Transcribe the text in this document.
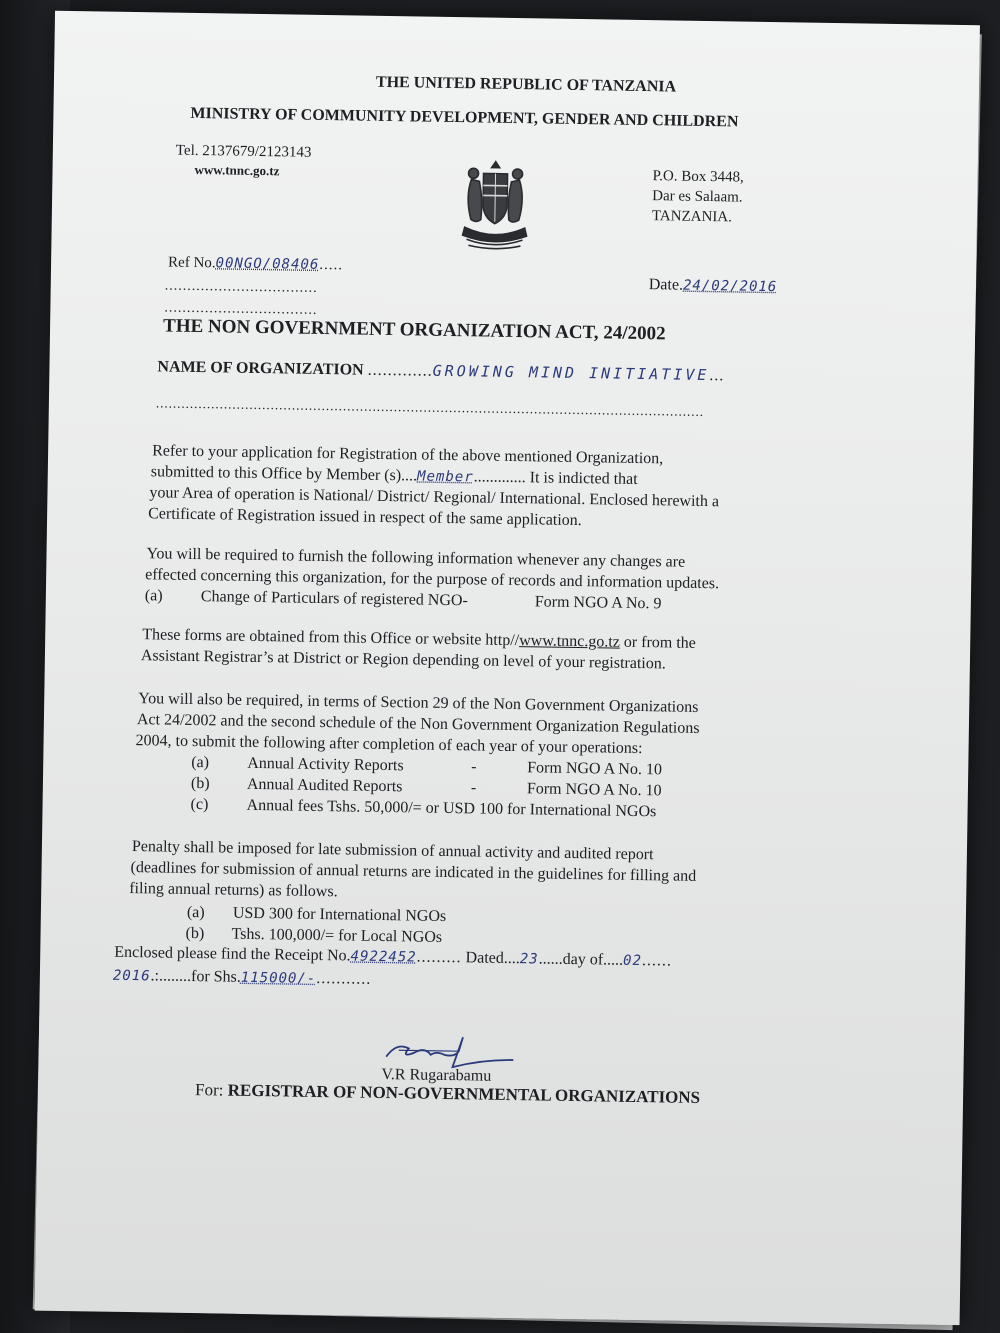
THE UNITED REPUBLIC OF TANZANIA
MINISTRY OF COMMUNITY DEVELOPMENT, GENDER AND CHILDREN
Tel. 2137679/2123143
www.tnnc.go.tz	P.O. Box 3448,
Dar es Salaam.
TANZANIA.
Ref No.00NGO/08406.....
..................................
..................................
Date.24/02/2016
THE NON GOVERNMENT ORGANIZATION ACT, 24/2002
NAME OF ORGANIZATION .............GROWING MIND INITIATIVE...
.................................................................................................................................
Refer to your application for Registration of the above mentioned Organization,
submitted to this Office by Member (s)....Member............. It is indicted that
your Area of operation is National/ District/ Regional/ International. Enclosed herewith a
Certificate of Registration issued in respect of the same application.
You will be required to furnish the following information whenever any changes are
effected concerning this organization, for the purpose of records and information updates.
(a) Change of Particulars of registered NGO-	Form NGO A No. 9
These forms are obtained from this Office or website http//www.tnnc.go.tz or from the
Assistant Registrar’s at District or Region depending on level of your registration.
You will also be required, in terms of Section 29 of the Non Government Organizations
Act 24/2002 and the second schedule of the Non Government Organization Regulations
2004, to submit the following after completion of each year of your operations:
(a) Annual Activity Reports	-	Form NGO A No. 10
(b) Annual Audited Reports	-	Form NGO A No. 10
(c) Annual fees Tshs. 50,000/= or USD 100 for International NGOs
Penalty shall be imposed for late submission of annual activity and audited report
(deadlines for submission of annual returns are indicated in the guidelines for filling and
filing annual returns) as follows.
(a) USD 300 for International NGOs
(b) Tshs. 100,000/= for Local NGOs
Enclosed please find the Receipt No.4922452......... Dated....23......day of.....02......
2016.:........for Shs.115000/-...........
V.R Rugarabamu
For: REGISTRAR OF NON-GOVERNMENTAL ORGANIZATIONS
